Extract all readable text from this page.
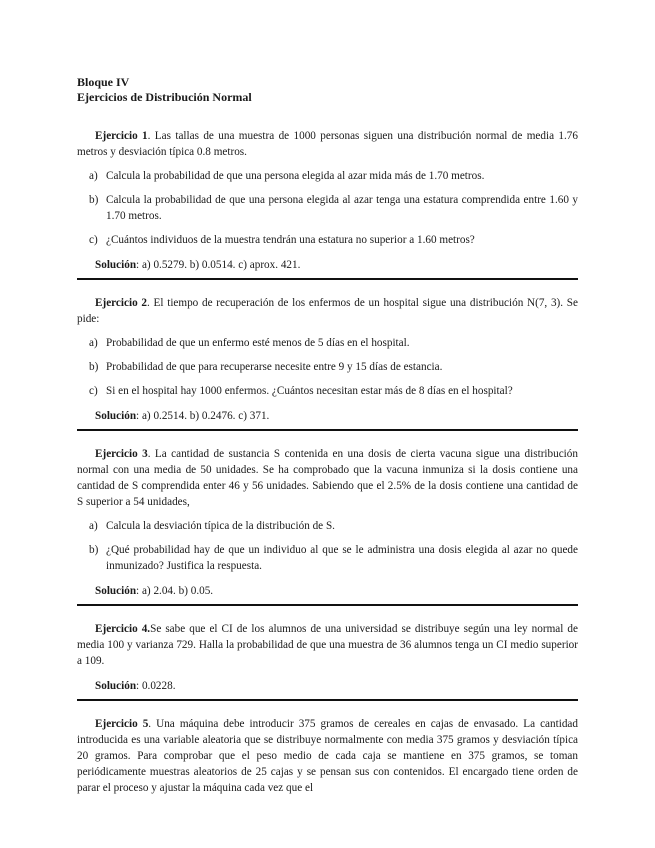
Bloque IV
Ejercicios de Distribución Normal

Ejercicio 1. Las tallas de una muestra de 1000 personas siguen una distribución normal de media 1.76 metros y desviación típica 0.8 metros.

a) Calcula la probabilidad de que una persona elegida al azar mida más de 1.70 metros.
b) Calcula la probabilidad de que una persona elegida al azar tenga una estatura comprendida entre 1.60 y 1.70 metros.
c) ¿Cuántos individuos de la muestra tendrán una estatura no superior a 1.60 metros?
Solución: a) 0.5279. b) 0.0514. c) aprox. 421.

Ejercicio 2. El tiempo de recuperación de los enfermos de un hospital sigue una distribución N(7, 3). Se pide:

a) Probabilidad de que un enfermo esté menos de 5 días en el hospital.
b) Probabilidad de que para recuperarse necesite entre 9 y 15 días de estancia.
c) Si en el hospital hay 1000 enfermos. ¿Cuántos necesitan estar más de 8 días en el hospital?
Solución: a) 0.2514. b) 0.2476. c) 371.

Ejercicio 3. La cantidad de sustancia S contenida en una dosis de cierta vacuna sigue una distribución normal con una media de 50 unidades. Se ha comprobado que la vacuna inmuniza si la dosis contiene una cantidad de S comprendida enter 46 y 56 unidades. Sabiendo que el 2.5% de la dosis contiene una cantidad de S superior a 54 unidades,

a) Calcula la desviación típica de la distribución de S.
b) ¿Qué probabilidad hay de que un individuo al que se le administra una dosis elegida al azar no quede inmunizado? Justifica la respuesta.
Solución: a) 2.04. b) 0.05.

Ejercicio 4.Se sabe que el CI de los alumnos de una universidad se distribuye según una ley normal de media 100 y varianza 729. Halla la probabilidad de que una muestra de 36 alumnos tenga un CI medio superior a 109.

Solución: 0.0228.

Ejercicio 5. Una máquina debe introducir 375 gramos de cereales en cajas de envasado. La cantidad introducida es una variable aleatoria que se distribuye normalmente con media 375 gramos y desviación típica 20 gramos. Para comprobar que el peso medio de cada caja se mantiene en 375 gramos, se toman periódicamente muestras aleatorios de 25 cajas y se pensan sus con contenidos. El encargado tiene orden de parar el proceso y ajustar la máquina cada vez que el
